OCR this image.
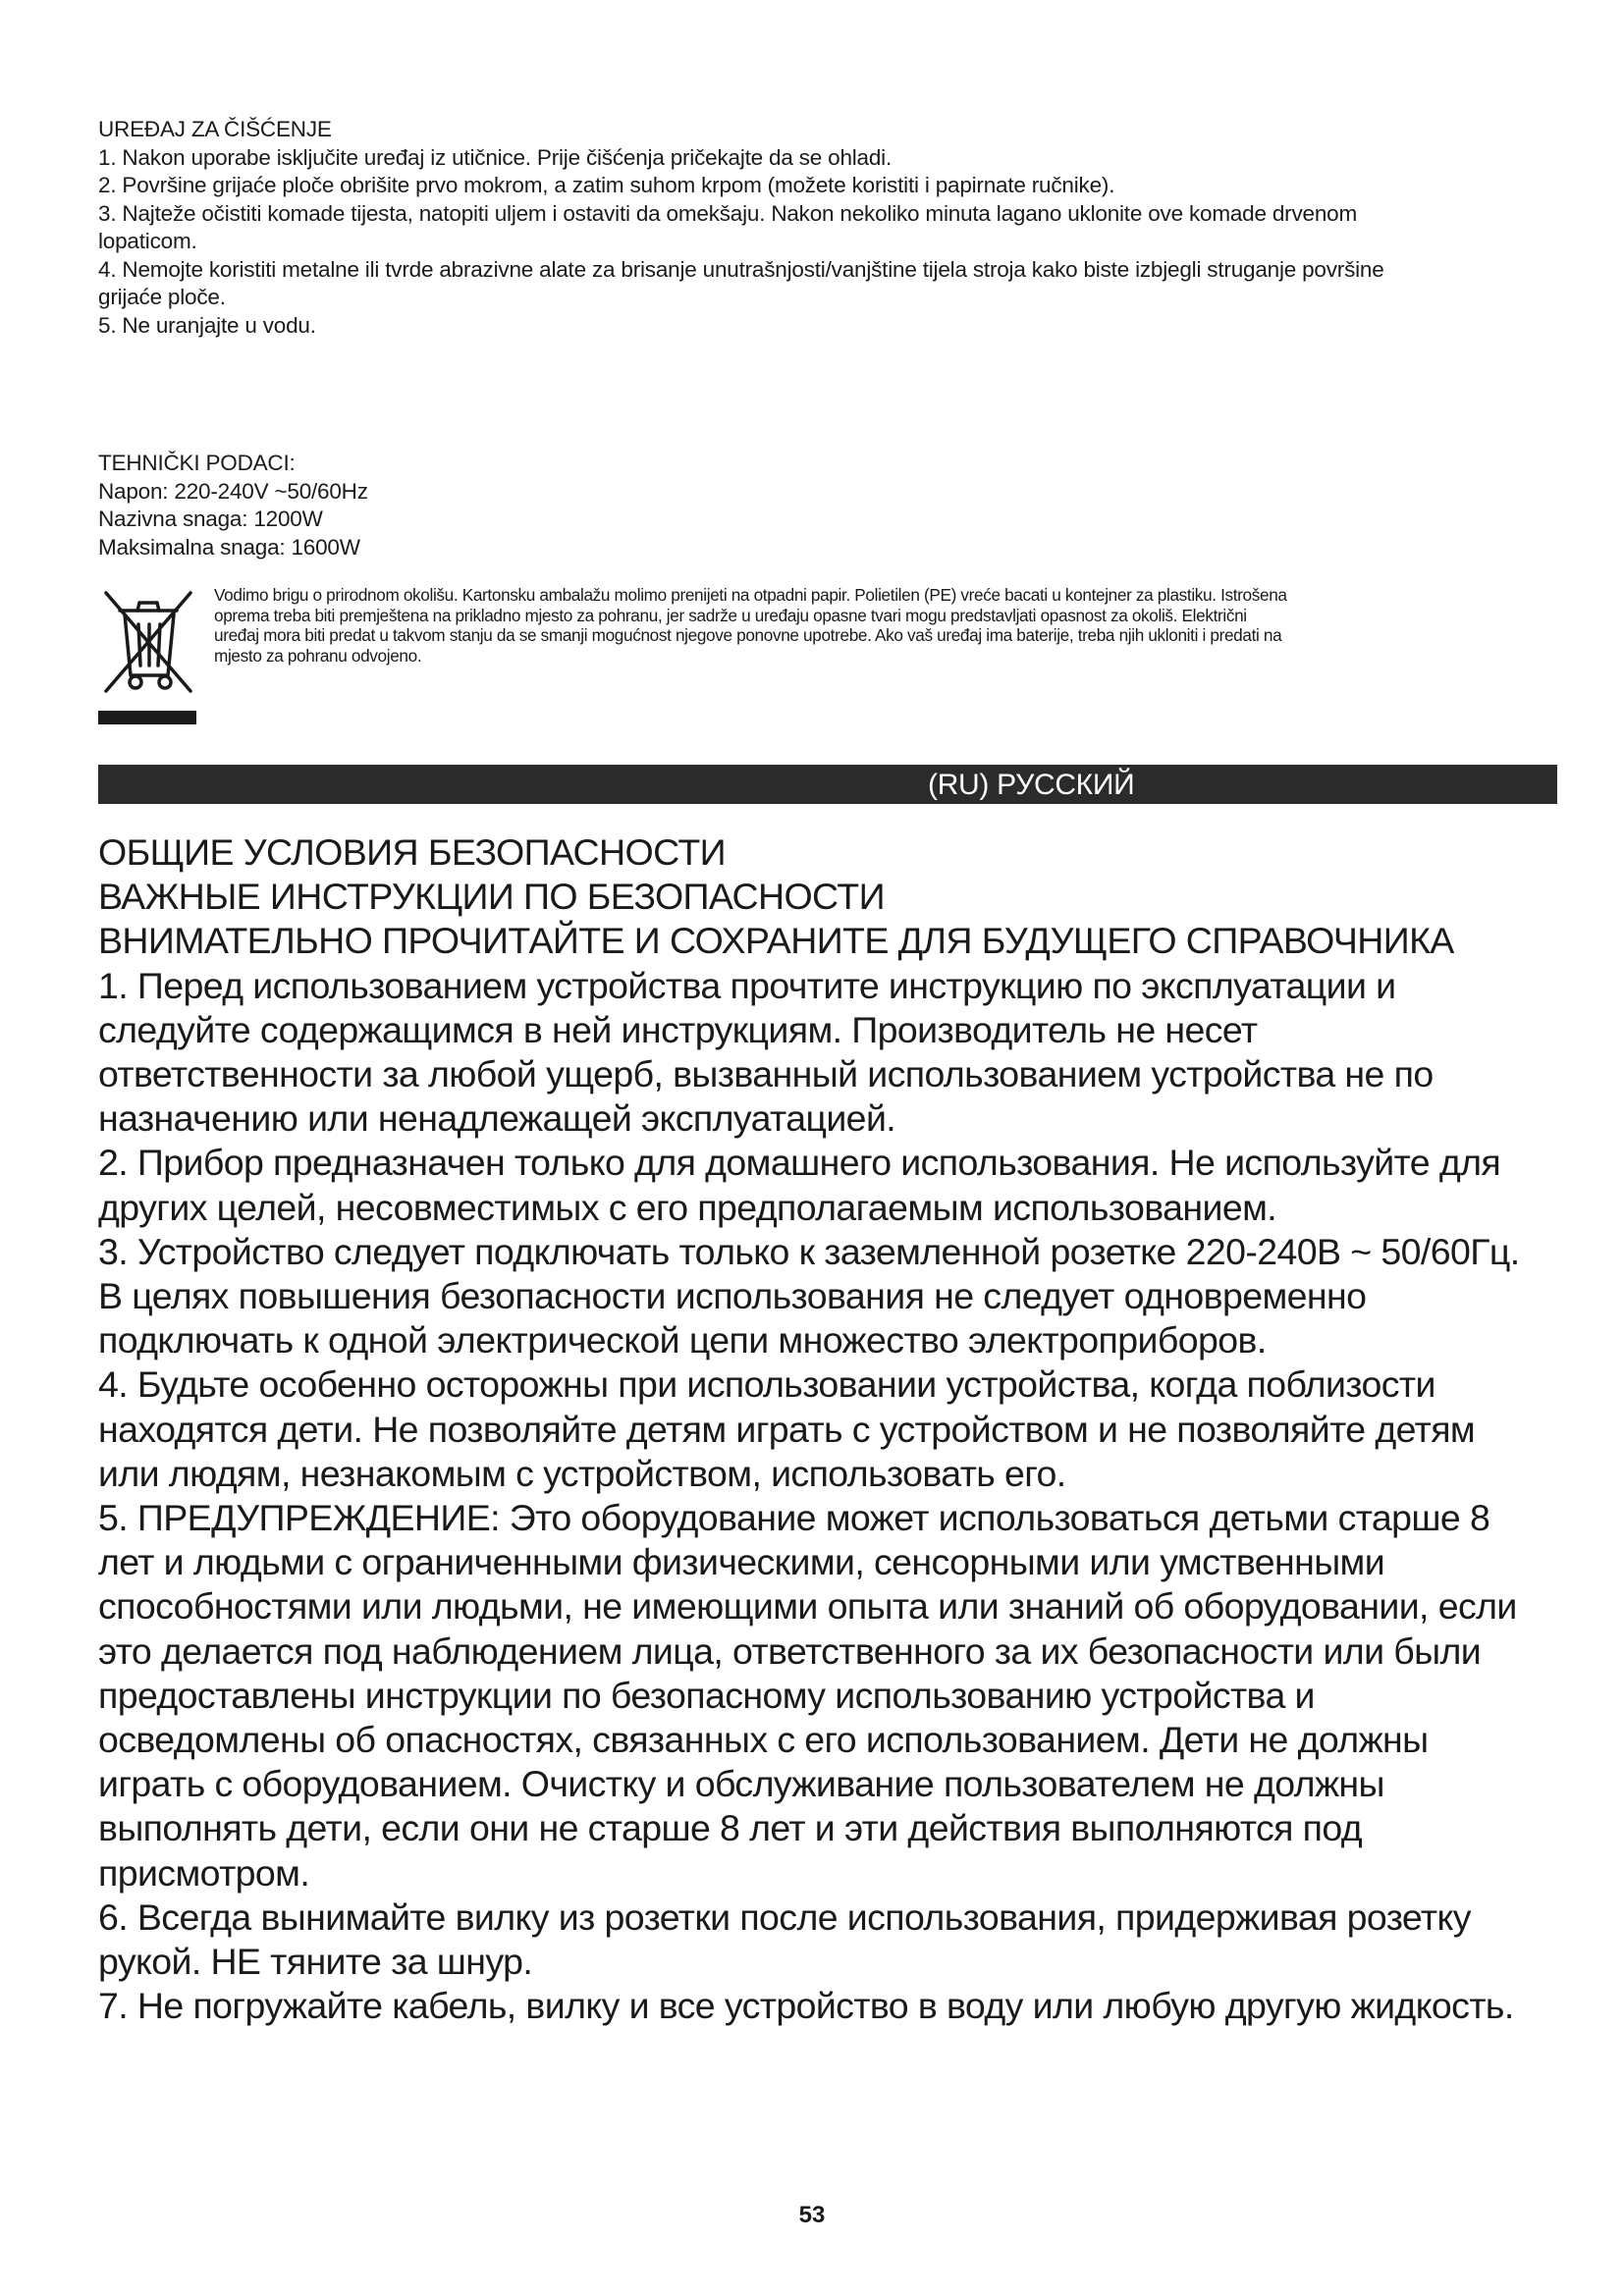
UREĐAJ ZA ČIŠĆENJE

1. Nakon uporabe isključite uređaj iz utičnice. Prije čišćenja pričekajte da se ohladi.

2. Površine grijaće ploče obrišite prvo mokrom, a zatim suhom krpom (možete koristiti i papirnate ručnike).

3. Najteže očistiti komade tijesta, natopiti uljem i ostaviti da omekšaju. Nakon nekoliko minuta lagano uklonite ove komade drvenom

lopaticom.

4. Nemojte koristiti metalne ili tvrde abrazivne alate za brisanje unutrašnjosti/vanjštine tijela stroja kako biste izbjegli struganje površine

grijaće ploče.

5. Ne uranjajte u vodu.

TEHNIČKI PODACI:

Napon: 220-240V ~50/60Hz

Nazivna snaga: 1200W

Maksimalna snaga: 1600W

Vodimo brigu o prirodnom okolišu. Kartonsku ambalažu molimo prenijeti na otpadni papir. Polietilen (PE) vreće bacati u kontejner za plastiku. Istrošena

oprema treba biti premještena na prikladno mjesto za pohranu, jer sadrže u uređaju opasne tvari mogu predstavljati opasnost za okoliš. Električni

uređaj mora biti predat u takvom stanju da se smanji mogućnost njegove ponovne upotrebe. Ako vaš uređaj ima baterije, treba njih ukloniti i predati na

mjesto za pohranu odvojeno.

(RU) РУССКИЙ

ОБЩИЕ УСЛОВИЯ БЕЗОПАСНОСТИ

ВАЖНЫЕ ИНСТРУКЦИИ ПО БЕЗОПАСНОСТИ

ВНИМАТЕЛЬНО ПРОЧИТАЙТЕ И СОХРАНИТЕ ДЛЯ БУДУЩЕГО СПРАВОЧНИКА

1. Перед использованием устройства прочтите инструкцию по эксплуатации и

следуйте содержащимся в ней инструкциям. Производитель не несет

ответственности за любой ущерб, вызванный использованием устройства не по

назначению или ненадлежащей эксплуатацией.

2. Прибор предназначен только для домашнего использования. Не используйте для

других целей, несовместимых с его предполагаемым использованием.

3. Устройство следует подключать только к заземленной розетке 220-240В ~ 50/60Гц.

В целях повышения безопасности использования не следует одновременно

подключать к одной электрической цепи множество электроприборов.

4. Будьте особенно осторожны при использовании устройства, когда поблизости

находятся дети. Не позволяйте детям играть с устройством и не позволяйте детям

или людям, незнакомым с устройством, использовать его.

5. ПРЕДУПРЕЖДЕНИЕ: Это оборудование может использоваться детьми старше 8

лет и людьми с ограниченными физическими, сенсорными или умственными

способностями или людьми, не имеющими опыта или знаний об оборудовании, если

это делается под наблюдением лица, ответственного за их безопасности или были

предоставлены инструкции по безопасному использованию устройства и

осведомлены об опасностях, связанных с его использованием. Дети не должны

играть с оборудованием. Очистку и обслуживание пользователем не должны

выполнять дети, если они не старше 8 лет и эти действия выполняются под

присмотром.

6. Всегда вынимайте вилку из розетки после использования, придерживая розетку

рукой. НЕ тяните за шнур.

7. Не погружайте кабель, вилку и все устройство в воду или любую другую жидкость.

53
